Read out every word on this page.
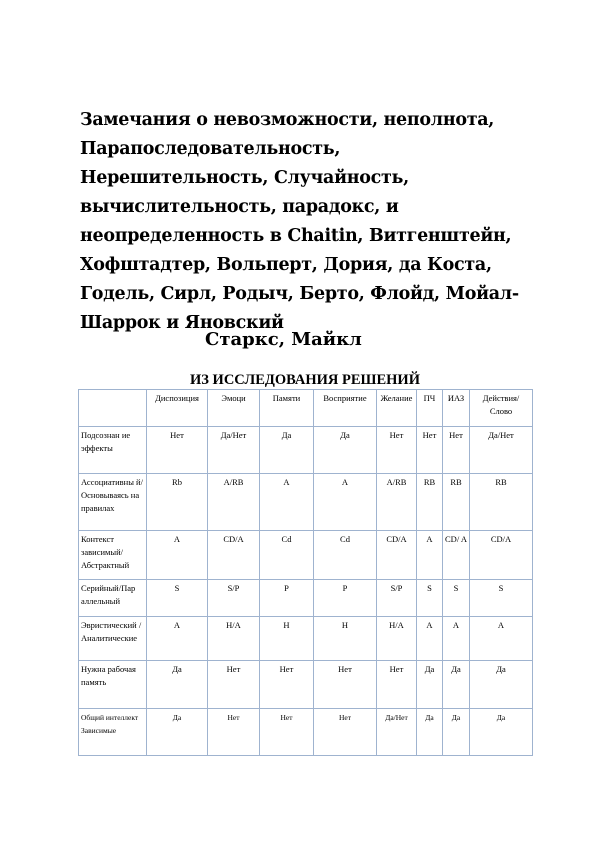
Замечания о невозможности, неполнота, Парапоследовательность, Нерешительность, Случайность, вычислительность, парадокс, и неопределенность в Chaitin, Витгенштейн, Хофштадтер, Вольперт, Дория, да Коста, Годель, Сирл, Родыч, Берто, Флойд, Мойал-Шаррок и Яновский
Старкс, Майкл
ИЗ ИССЛЕДОВАНИЯ РЕШЕНИЙ
	Диспозиция	Эмоци	Памяти	Восприятие	Желание	ПЧ	ИАЗ	Действия/ Слово
Подсознан ие эффекты	Нет	Да/Нет	Да	Да	Нет	Нет	Нет	Да/Нет
Ассоциативны й/ Основываясь на правилах	Rb	A/RB	A	A	A/RB	RB	RB	RB
Контекст зависимый/ Абстрактный	A	CD/A	Cd	Cd	CD/A	A	CD/ A	CD/A
Серийный/Пар аллельный	S	S/P	P	P	S/P	S	S	S
Эвристический / Аналитические	A	H/A	H	H	H/A	A	A	A
Нужна рабочая память	Да	Нет	Нет	Нет	Нет	Да	Да	Да
Общий интеллект Зависимые	Да	Нет	Нет	Нет	Да/Нет	Да	Да	Да
